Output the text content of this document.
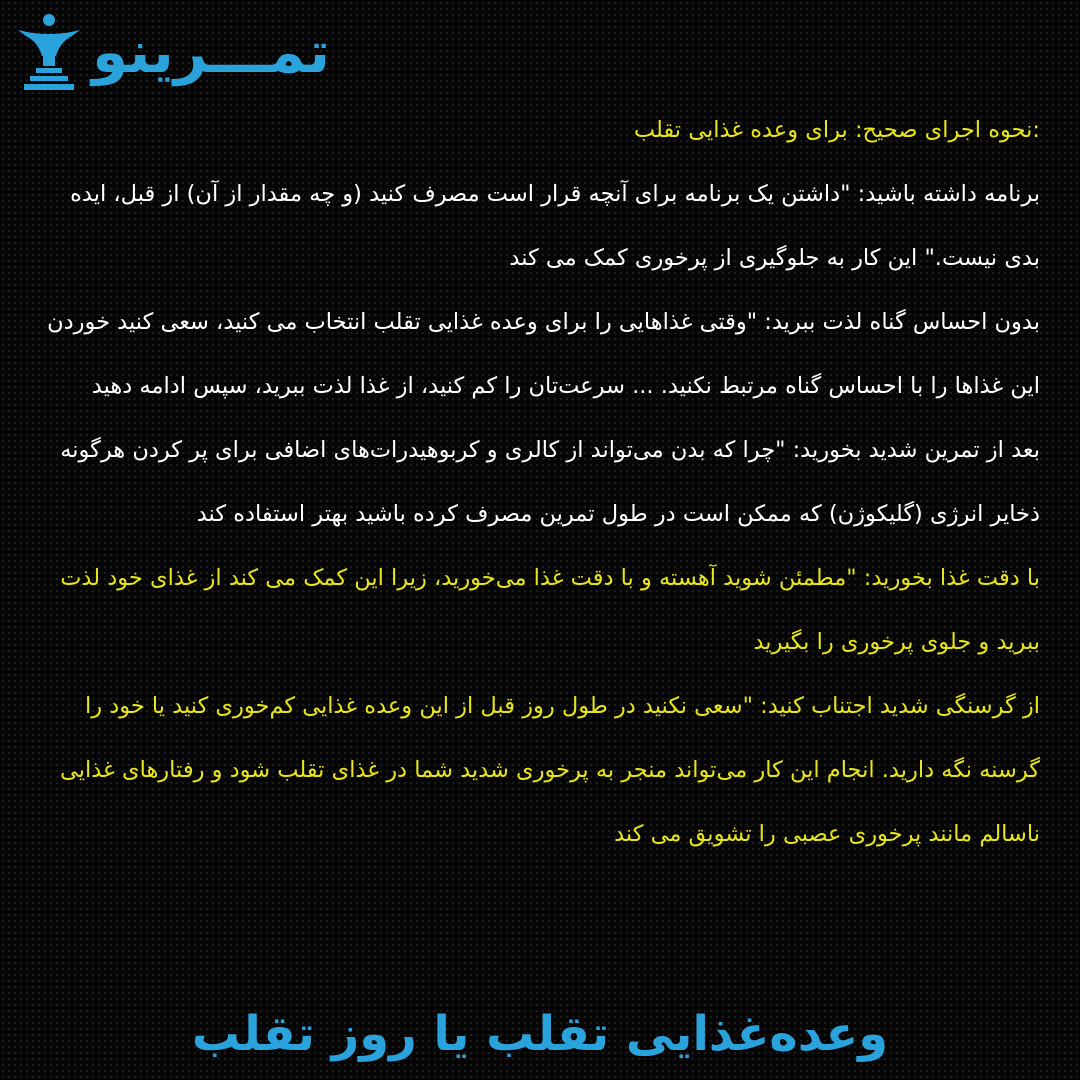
تمـــرينو

:نحوه اجرای صحیح: برای وعده غذایی تقلب

برنامه داشته باشید: "داشتن یک برنامه برای آنچه قرار است مصرف کنید (و چه مقدار از آن) از قبل، ایده بدی نیست." این کار به جلوگیری از پرخوری کمک می کند

بدون احساس گناه لذت ببرید: "وقتی غذاهایی را برای وعده غذایی تقلب انتخاب می کنید، سعی کنید خوردن این غذاها را با احساس گناه مرتبط نکنید. ... سرعت‌تان را کم کنید، از غذا لذت ببرید، سپس ادامه دهید

بعد از تمرین شدید بخورید: "چرا که بدن می‌تواند از کالری و کربوهیدرات‌های اضافی برای پر کردن هرگونه ذخایر انرژی (گلیکوژن) که ممکن است در طول تمرین مصرف کرده باشید بهتر استفاده کند

با دقت غذا بخورید: "مطمئن شوید آهسته و با دقت غذا می‌خورید، زیرا این کمک می کند از غذای خود لذت ببرید و جلوی پرخوری را بگیرید

از گرسنگی شدید اجتناب کنید: "سعی نکنید در طول روز قبل از این وعده غذایی کم‌خوری کنید یا خود را گرسنه نگه دارید. انجام این کار می‌تواند منجر به پرخوری شدید شما در غذای تقلب شود و رفتارهای غذایی ناسالم مانند پرخوری عصبی را تشویق می کند

وعده‌غذایی تقلب یا روز تقلب
